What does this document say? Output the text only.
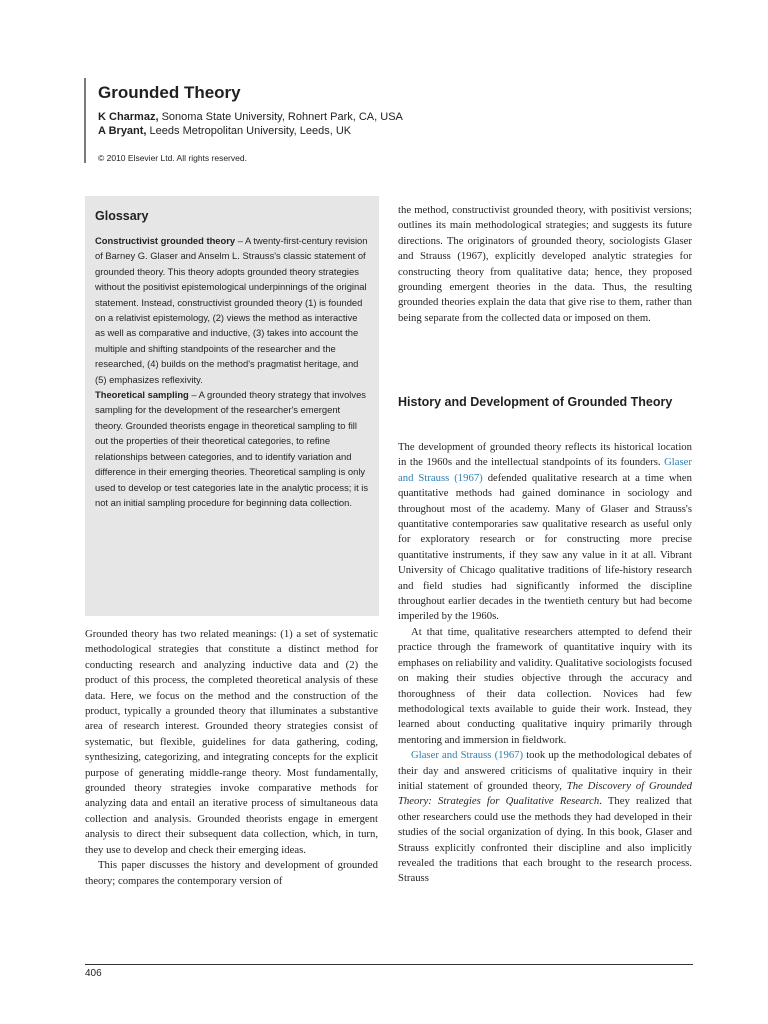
Grounded Theory
K Charmaz, Sonoma State University, Rohnert Park, CA, USA
A Bryant, Leeds Metropolitan University, Leeds, UK
© 2010 Elsevier Ltd. All rights reserved.
Glossary

Constructivist grounded theory – A twenty-first-century revision of Barney G. Glaser and Anselm L. Strauss's classic statement of grounded theory. This theory adopts grounded theory strategies without the positivist epistemological underpinnings of the original statement. Instead, constructivist grounded theory (1) is founded on a relativist epistemology, (2) views the method as interactive as well as comparative and inductive, (3) takes into account the multiple and shifting standpoints of the researcher and the researched, (4) builds on the method's pragmatist heritage, and (5) emphasizes reflexivity.

Theoretical sampling – A grounded theory strategy that involves sampling for the development of the researcher's emergent theory. Grounded theorists engage in theoretical sampling to fill out the properties of their theoretical categories, to refine relationships between categories, and to identify variation and difference in their emerging theories. Theoretical sampling is only used to develop or test categories late in the analytic process; it is not an initial sampling procedure for beginning data collection.

Grounded theory has two related meanings: (1) a set of systematic methodological strategies that constitute a distinct method for conducting research and analyzing inductive data and (2) the product of this process, the completed theoretical analysis of these data. Here, we focus on the method and the construction of the product, typically a grounded theory that illuminates a substantive area of research interest. Grounded theory strategies consist of systematic, but flexible, guidelines for data gathering, coding, synthesizing, categorizing, and integrating concepts for the explicit purpose of generating middle-range theory. Most fundamentally, grounded theory strategies invoke comparative methods for analyzing data and entail an iterative process of simultaneous data collection and analysis. Grounded theorists engage in emergent analysis to direct their subsequent data collection, which, in turn, they use to develop and check their emerging ideas.

This paper discusses the history and development of grounded theory; compares the contemporary version of

the method, constructivist grounded theory, with positivist versions; outlines its main methodological strategies; and suggests its future directions. The originators of grounded theory, sociologists Glaser and Strauss (1967), explicitly developed analytic strategies for constructing theory from qualitative data; hence, they proposed grounding emergent theories in the data. Thus, the resulting grounded theories explain the data that give rise to them, rather than being separate from the collected data or imposed on them.

History and Development of Grounded Theory

The development of grounded theory reflects its historical location in the 1960s and the intellectual standpoints of its founders. Glaser and Strauss (1967) defended qualitative research at a time when quantitative methods had gained dominance in sociology and throughout most of the academy. Many of Glaser and Strauss's quantitative contemporaries saw qualitative research as useful only for exploratory research or for constructing more precise quantitative instruments, if they saw any value in it at all. Vibrant University of Chicago qualitative traditions of life-history research and field studies had significantly informed the discipline throughout earlier decades in the twentieth century but had become imperiled by the 1960s.

At that time, qualitative researchers attempted to defend their practice through the framework of quantitative inquiry with its emphases on reliability and validity. Qualitative sociologists focused on making their studies objective through the accuracy and thoroughness of their data collection. Novices had few methodological texts available to guide their work. Instead, they learned about conducting qualitative inquiry primarily through mentoring and immersion in fieldwork.

Glaser and Strauss (1967) took up the methodological debates of their day and answered criticisms of qualitative inquiry in their initial statement of grounded theory, The Discovery of Grounded Theory: Strategies for Qualitative Research. They realized that other researchers could use the methods they had developed in their studies of the social organization of dying. In this book, Glaser and Strauss explicitly confronted their discipline and also implicitly revealed the traditions that each brought to the research process. Strauss

406
